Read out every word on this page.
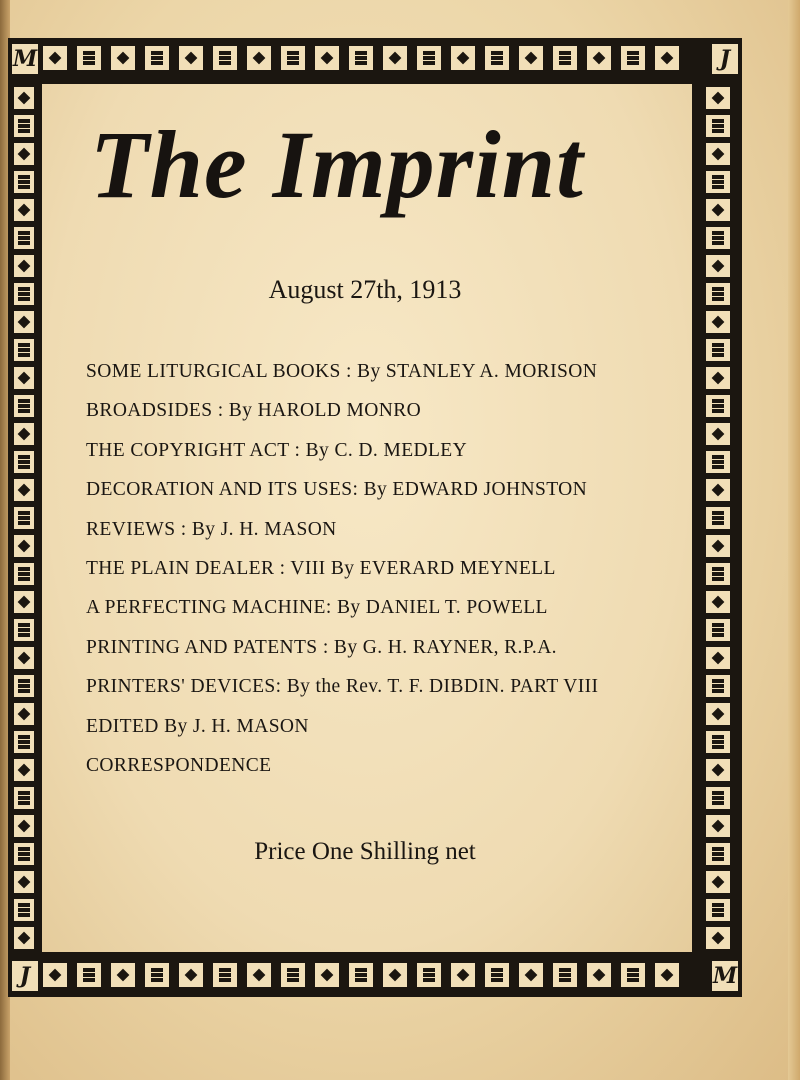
M	J
J	M
The Imprint
August 27th, 1913
SOME LITURGICAL BOOKS : By STANLEY A. MORISON
BROADSIDES : By HAROLD MONRO
THE COPYRIGHT ACT : By C. D. MEDLEY
DECORATION AND ITS USES: By EDWARD JOHNSTON
REVIEWS : By J. H. MASON
THE PLAIN DEALER : VIII By EVERARD MEYNELL
A PERFECTING MACHINE: By DANIEL T. POWELL
PRINTING AND PATENTS : By G. H. RAYNER, R.P.A.
PRINTERS' DEVICES: By the Rev. T. F. DIBDIN. PART VIII
EDITED By J. H. MASON
CORRESPONDENCE
Price One Shilling net
